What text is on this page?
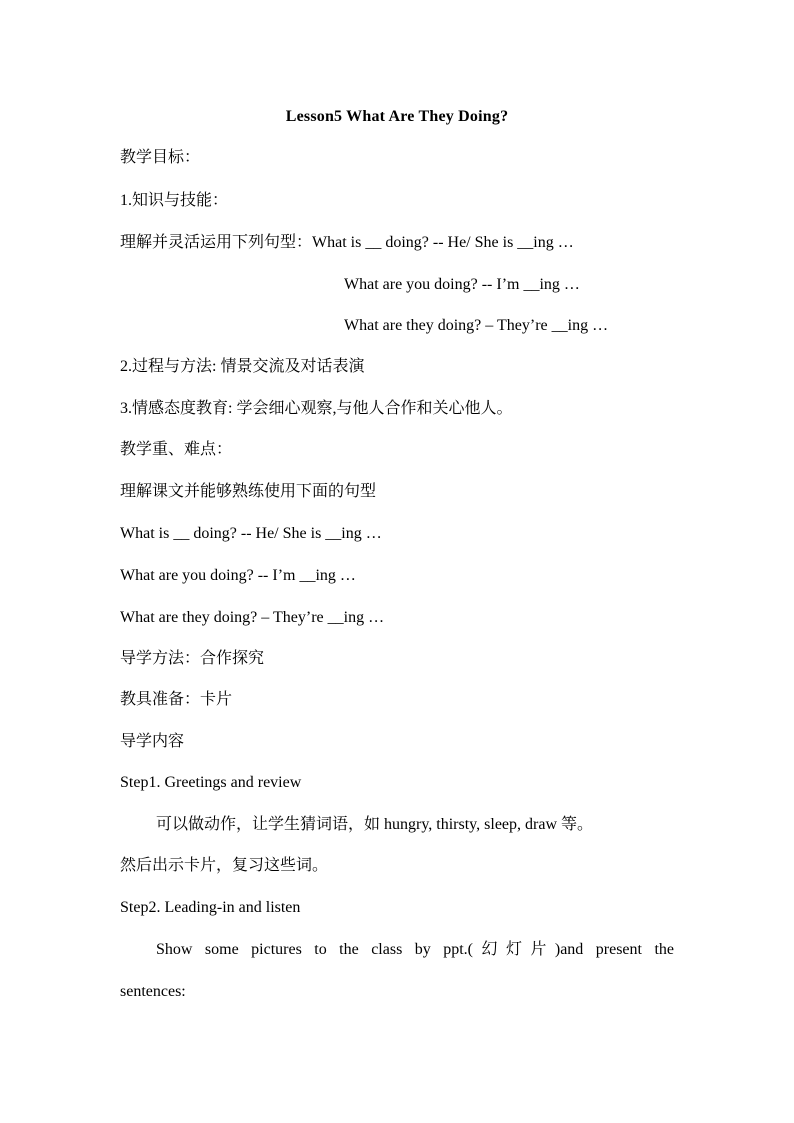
Lesson5 What Are They Doing?
教学目标：
1.知识与技能：
理解并灵活运用下列句型：What is __ doing? -- He/ She is __ing …
What are you doing? -- I’m __ing …
What are they doing? – They’re __ing …
2.过程与方法: 情景交流及对话表演
3.情感态度教育: 学会细心观察,与他人合作和关心他人。
教学重、难点：
理解课文并能够熟练使用下面的句型
What is __ doing? -- He/ She is __ing …
What are you doing? -- I’m __ing …
What are they doing? – They’re __ing …
导学方法：合作探究
教具准备：卡片
导学内容
Step1. Greetings and review
可以做动作，让学生猜词语，如 hungry, thirsty, sleep, draw 等。
然后出示卡片，复习这些词。
Step2. Leading-in and listen
Show some pictures to the class by ppt.(幻灯片)and present the
sentences:
